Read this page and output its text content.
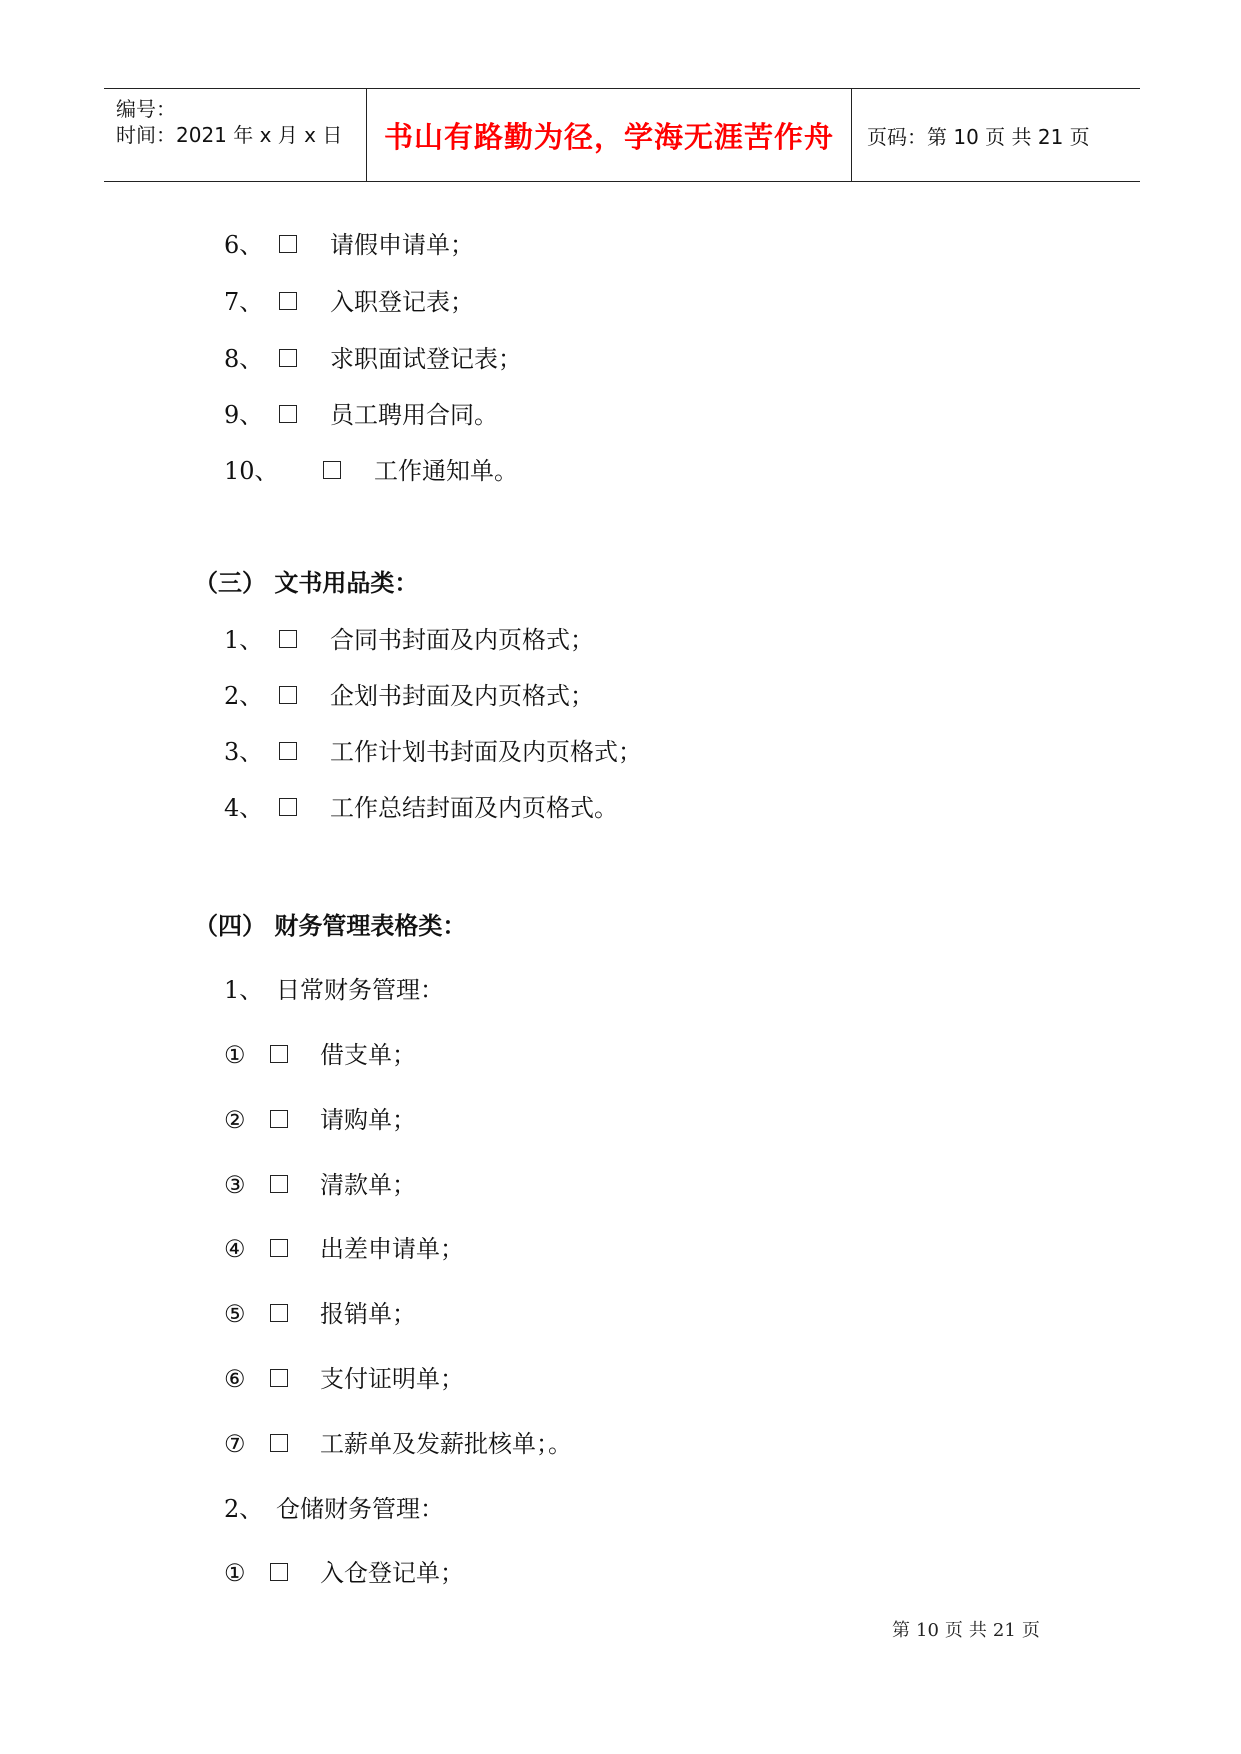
编号：
时间：2021 年 x 月 x 日 书山有路勤为径，学海无涯苦作舟 页码：第 10 页 共 21 页
6、	请假申请单；
7、	入职登记表；
8、	求职面试登记表；
9、	员工聘用合同。
10、	工作通知单。
（三） 文书用品类：
1、	合同书封面及内页格式；
2、	企划书封面及内页格式；
3、	工作计划书封面及内页格式；
4、	工作总结封面及内页格式。
（四） 财务管理表格类：
1、 日常财务管理：
①	借支单；
②	请购单；
③	清款单；
④	出差申请单；
⑤	报销单；
⑥	支付证明单；
⑦	工薪单及发薪批核单；。
2、 仓储财务管理：
①	入仓登记单；
第 10 页 共 21 页
